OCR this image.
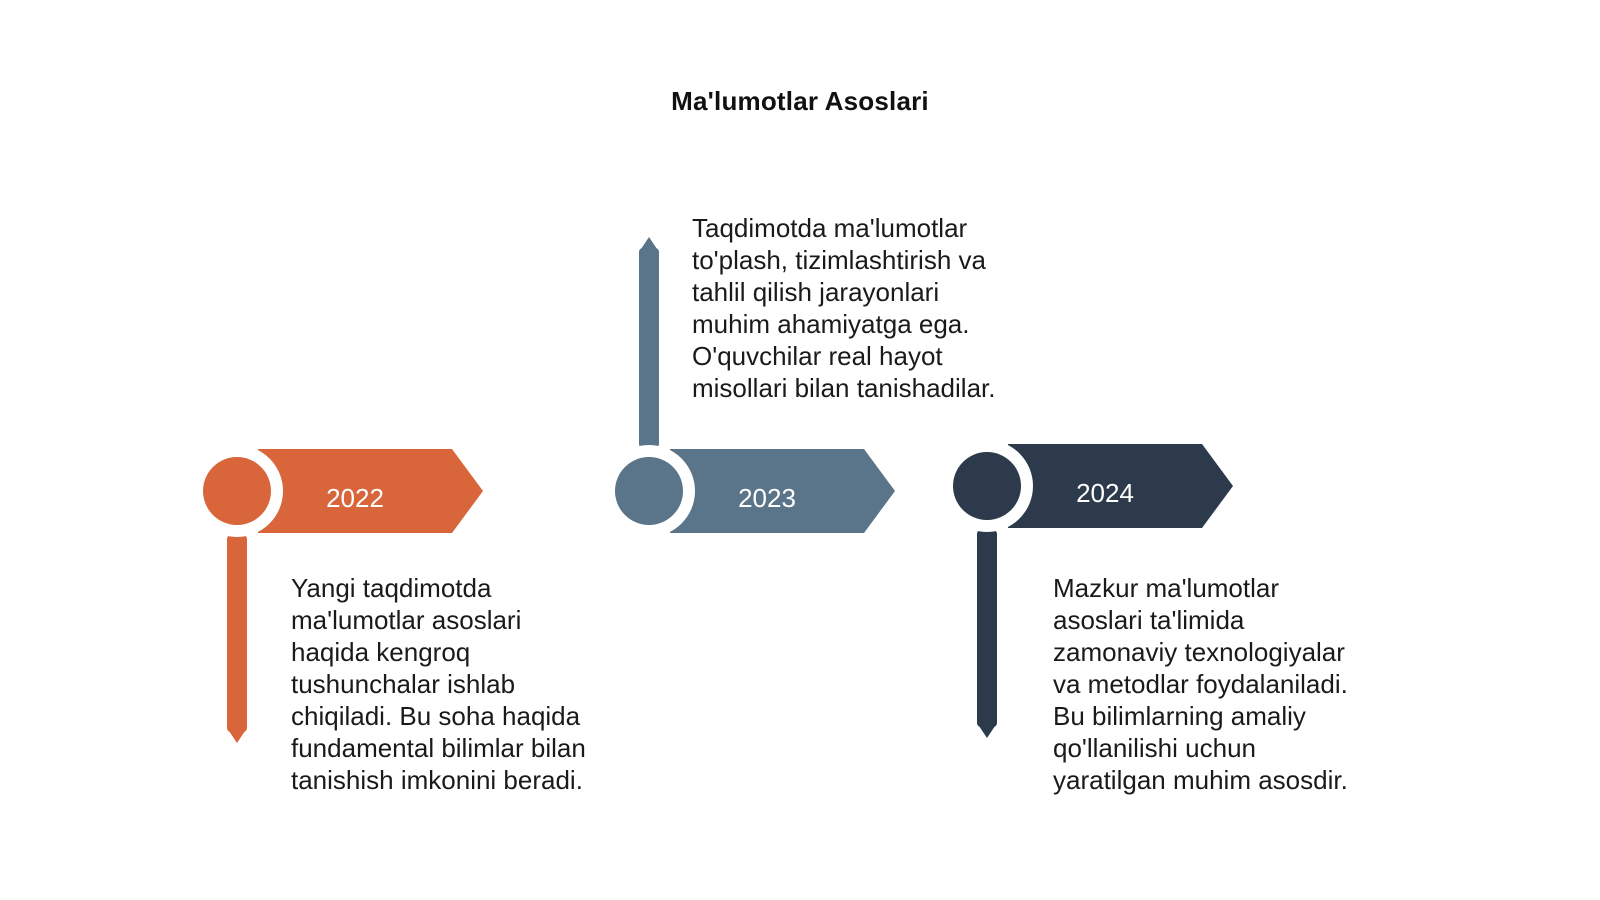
Ma'lumotlar Asoslari
2022	2023	2024
Yangi taqdimotda
ma'lumotlar asoslari
haqida kengroq
tushunchalar ishlab
chiqiladi. Bu soha haqida
fundamental bilimlar bilan
tanishish imkonini beradi.
Taqdimotda ma'lumotlar
to'plash, tizimlashtirish va
tahlil qilish jarayonlari
muhim ahamiyatga ega.
O'quvchilar real hayot
misollari bilan tanishadilar.
Mazkur ma'lumotlar
asoslari ta'limida
zamonaviy texnologiyalar
va metodlar foydalaniladi.
Bu bilimlarning amaliy
qo'llanilishi uchun
yaratilgan muhim asosdir.
